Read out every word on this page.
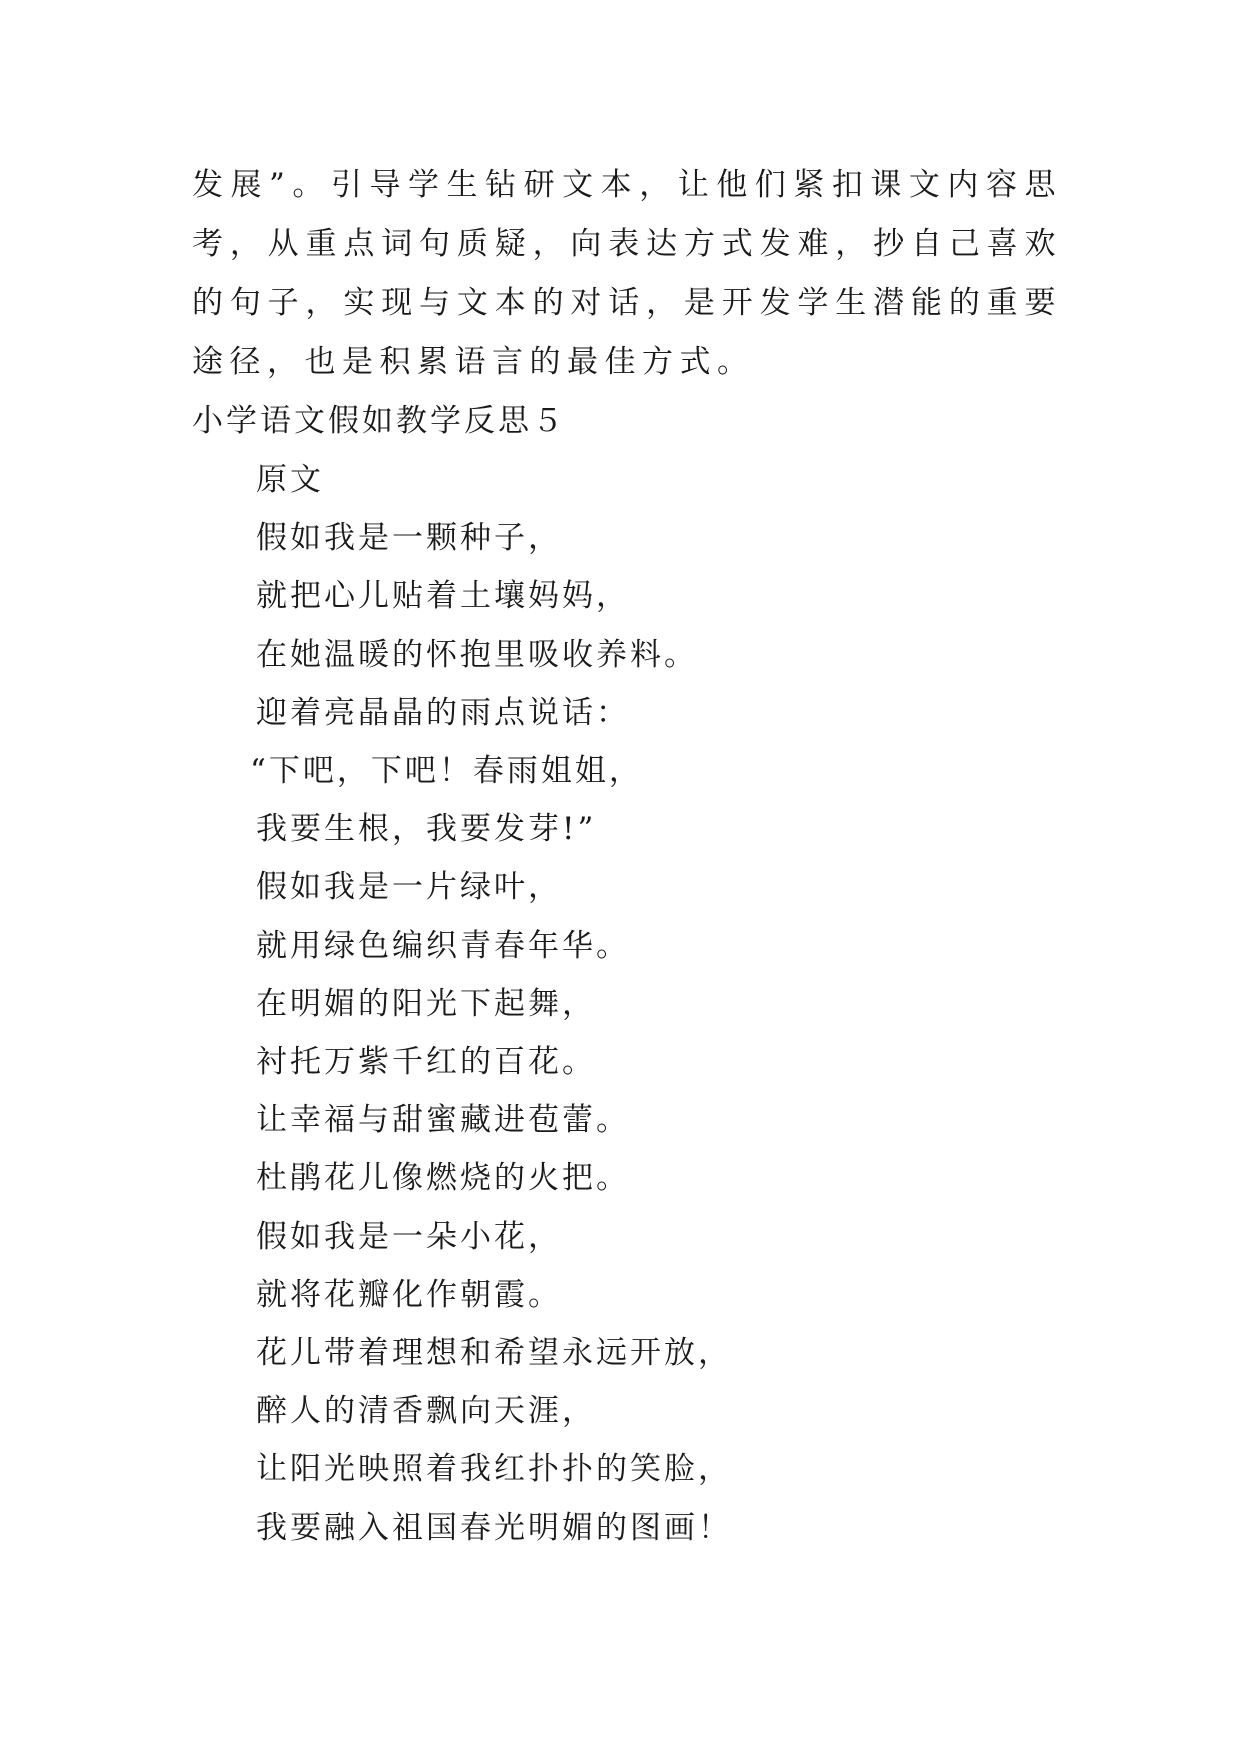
发展”。引导学生钻研文本，让他们紧扣课文内容思考，从重点词句质疑，向表达方式发难，抄自己喜欢的句子，实现与文本的对话，是开发学生潜能的重要途径，也是积累语言的最佳方式。

小学语文假如教学反思５

原文

假如我是一颗种子，

就把心儿贴着土壤妈妈，

在她温暖的怀抱里吸收养料。

迎着亮晶晶的雨点说话：

“下吧，下吧！春雨姐姐，

我要生根，我要发芽!”

假如我是一片绿叶，

就用绿色编织青春年华。

在明媚的阳光下起舞，

衬托万紫千红的百花。

让幸福与甜蜜藏进苞蕾。

杜鹃花儿像燃烧的火把。

假如我是一朵小花，

就将花瓣化作朝霞。

花儿带着理想和希望永远开放，

醉人的清香飘向天涯，

让阳光映照着我红扑扑的笑脸，

我要融入祖国春光明媚的图画！
